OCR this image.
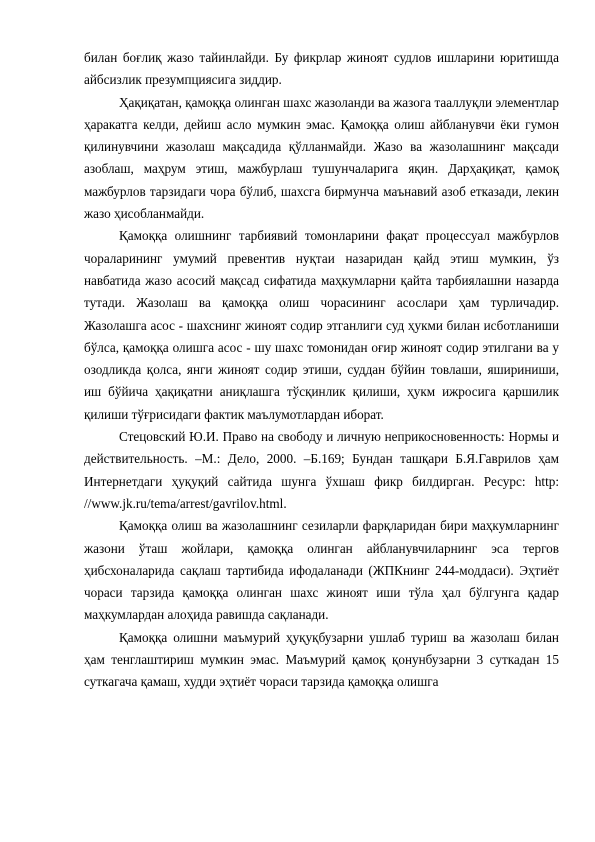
билан боғлиқ жазо тайинлайди. Бу фикрлар жиноят судлов ишларини юритишда айбсизлик презумпциясига зиддир.

Ҳақиқатан, қамоққа олинган шахс жазоланди ва жазога тааллуқли элементлар ҳаракатга келди, дейиш асло мумкин эмас. Қамоққа олиш айбланувчи ёки гумон қилинувчини жазолаш мақсадида қўлланмайди. Жазо ва жазолашнинг мақсади азоблаш, маҳрум этиш, мажбурлаш тушунчаларига яқин. Дарҳақиқат, қамоқ мажбурлов тарзидаги чора бўлиб, шахсга бирмунча маънавий азоб етказади, лекин жазо ҳисобланмайди.

Қамоққа олишнинг тарбиявий томонларини фақат процессуал мажбурлов чораларининг умумий превентив нуқтаи назаридан қайд этиш мумкин, ўз навбатида жазо асосий мақсад сифатида маҳкумларни қайта тарбиялашни назарда тутади. Жазолаш ва қамоққа олиш чорасининг асослари ҳам турличадир. Жазолашга асос - шахснинг жиноят содир этганлиги суд ҳукми билан исботланиши бўлса, қамоққа олишга асос - шу шахс томонидан оғир жиноят содир этилгани ва у озодликда қолса, янги жиноят содир этиши, суддан бўйин товлаши, яшириниши, иш бўйича ҳақиқатни аниқлашга тўсқинлик қилиши, ҳукм ижросига қаршилик қилиши тўғрисидаги фактик маълумотлардан иборат.

Стецовский Ю.И. Право на свободу и личную неприкосновенность: Нормы и действительность. –М.: Дело, 2000. –Б.169; Бундан ташқари Б.Я.Гаврилов ҳам Интернетдаги ҳуқуқий сайтида шунга ўхшаш фикр билдирган. Ресурс: http: //www.jk.ru/tema/arrest/gavrilov.html.

Қамоққа олиш ва жазолашнинг сезиларли фарқларидан бири маҳкумларнинг жазони ўташ жойлари, қамоққа олинган айбланувчиларнинг эса тергов ҳибсхоналарида сақлаш тартибида ифодаланади (ЖПКнинг 244-моддаси). Эҳтиёт чораси тарзида қамоққа олинган шахс жиноят иши тўла ҳал бўлгунга қадар маҳкумлардан алоҳида равишда сақланади.

Қамоққа олишни маъмурий ҳуқуқбузарни ушлаб туриш ва жазолаш билан ҳам тенглаштириш мумкин эмас. Маъмурий қамоқ қонунбузарни 3 суткадан 15 суткагача қамаш, худди эҳтиёт чораси тарзида қамоққа олишга
